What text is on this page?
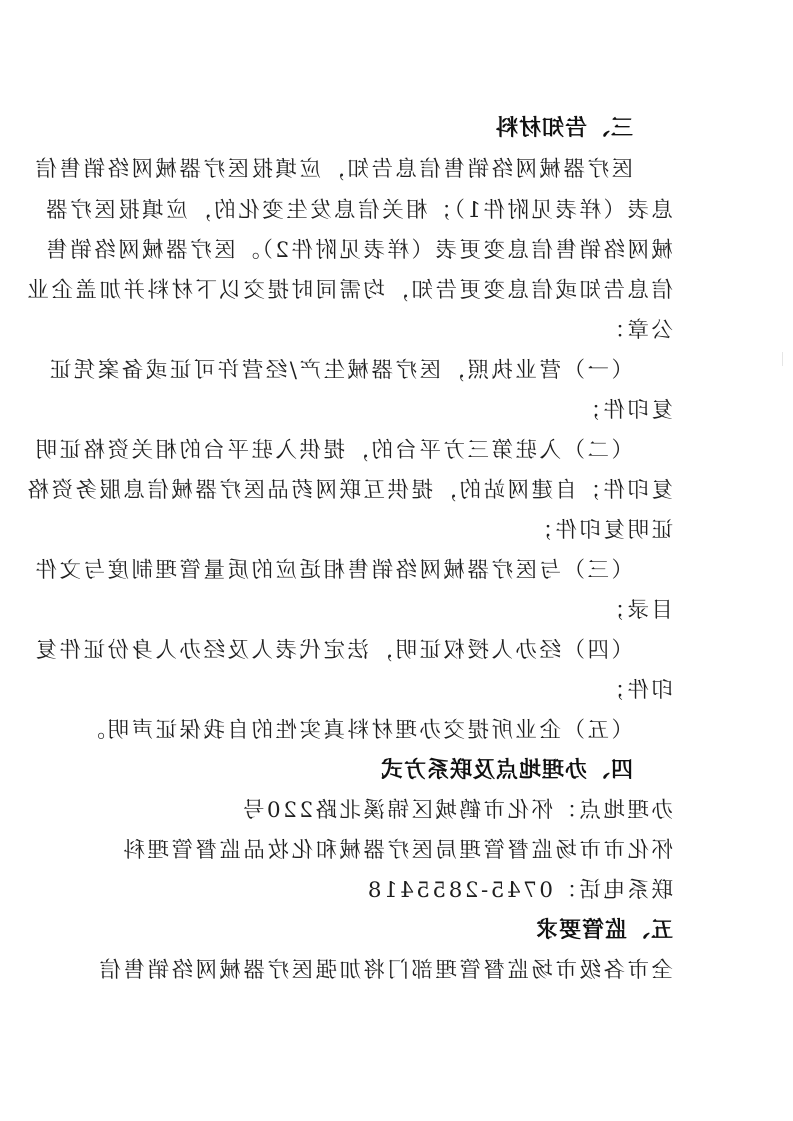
三、告知材料
医疗器械网络销售信息告知，应填报医疗器械网络销售信
息表（样表见附件1）；相关信息发生变化的，应填报医疗器
械网络销售信息变更表（样表见附件2）。医疗器械网络销售
信息告知或信息变更告知，均需同时提交以下材料并加盖企业
公章：
（一）营业执照，医疗器械生产/经营许可证或备案凭证
复印件；
（二）入驻第三方平台的，提供入驻平台的相关资格证明
复印件；自建网站的，提供互联网药品医疗器械信息服务资格
证明复印件；
（三）与医疗器械网络销售相适应的质量管理制度与文件
目录；
（四）经办人授权证明，法定代表人及经办人身份证件复
印件；
（五）企业所提交办理材料真实性的自我保证声明。
四、办理地点及联系方式
办理地点：怀化市鹤城区锦溪北路220号
怀化市市场监督管理局医疗器械和化妆品监督管理科
联系电话：0745-2855418
五、监管要求
全市各级市场监督管理部门将加强医疗器械网络销售信
